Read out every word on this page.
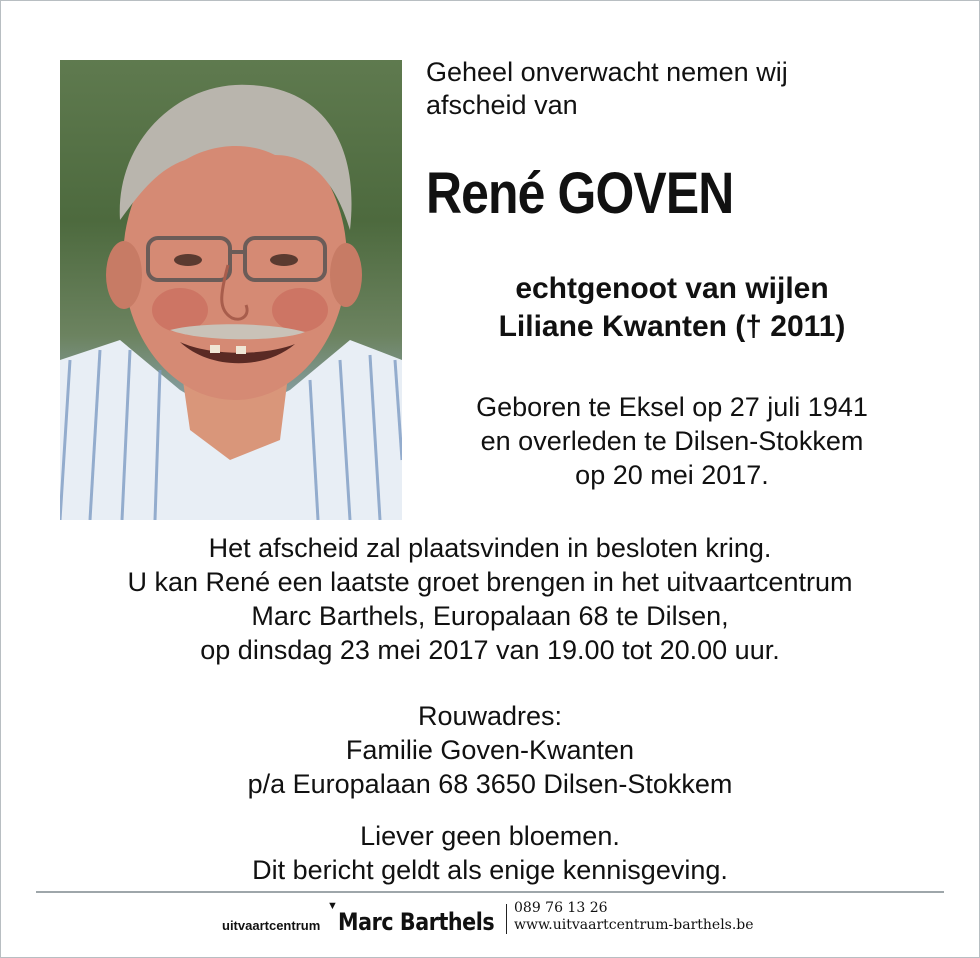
Geheel onverwacht nemen wij
afscheid van
René GOVEN
echtgenoot van wijlen
Liliane Kwanten († 2011)
Geboren te Eksel op 27 juli 1941
en overleden te Dilsen-Stokkem
op 20 mei 2017.
Het afscheid zal plaatsvinden in besloten kring.
U kan René een laatste groet brengen in het uitvaartcentrum
Marc Barthels, Europalaan 68 te Dilsen,
op dinsdag 23 mei 2017 van 19.00 tot 20.00 uur.
Rouwadres:
Familie Goven-Kwanten
p/a Europalaan 68 3650 Dilsen-Stokkem
Liever geen bloemen.
Dit bericht geldt als enige kennisgeving.
uitvaartcentrum
▼
Marc Barthels 089 76 13 26
www.uitvaartcentrum-barthels.be
